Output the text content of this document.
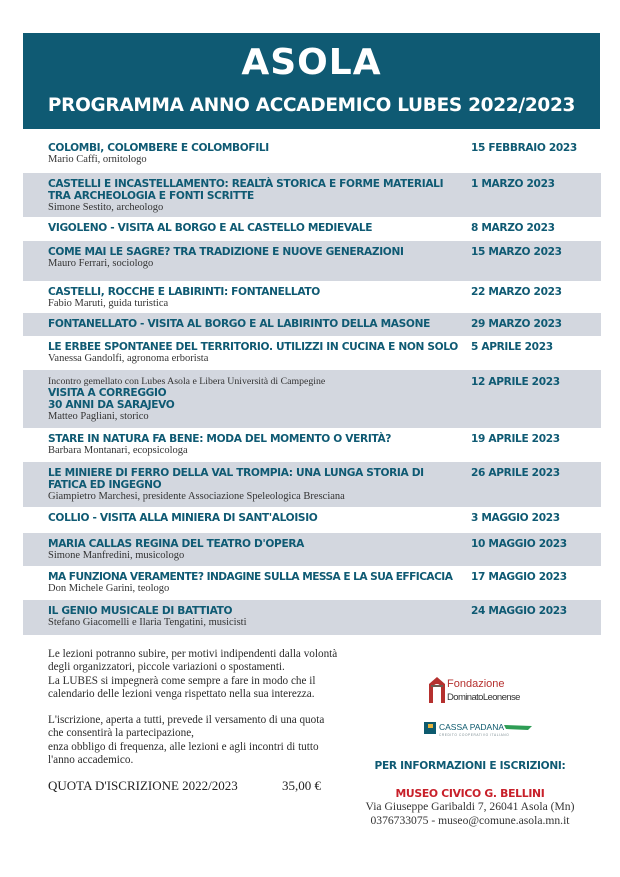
ASOLA
PROGRAMMA ANNO ACCADEMICO LUBES 2022/2023
COLOMBI, COLOMBERE E COLOMBOFILI
Mario Caffi, ornitologo
15 FEBBRAIO 2023
CASTELLI E INCASTELLAMENTO: REALTÀ STORICA E FORME MATERIALI TRA ARCHEOLOGIA E FONTI SCRITTE
Simone Sestito, archeologo
1 MARZO 2023
VIGOLENO - VISITA AL BORGO E AL CASTELLO MEDIEVALE	8 MARZO 2023
COME MAI LE SAGRE? TRA TRADIZIONE E NUOVE GENERAZIONI
Mauro Ferrari, sociologo
15 MARZO 2023
CASTELLI, ROCCHE E LABIRINTI: FONTANELLATO
Fabio Maruti, guida turistica
22 MARZO 2023
FONTANELLATO - VISITA AL BORGO E AL LABIRINTO DELLA MASONE	29 MARZO 2023
LE ERBEE SPONTANEE DEL TERRITORIO. UTILIZZI IN CUCINA E NON SOLO
Vanessa Gandolfi, agronoma erborista
5 APRILE 2023
Incontro gemellato con Lubes Asola e Libera Università di Campegine
VISITA A CORREGGIO
30 ANNI DA SARAJEVO
Matteo Pagliani, storico
12 APRILE 2023
STARE IN NATURA FA BENE: MODA DEL MOMENTO O VERITÀ?
Barbara Montanari, ecopsicologa
19 APRILE 2023
LE MINIERE DI FERRO DELLA VAL TROMPIA: UNA LUNGA STORIA DI FATICA ED INGEGNO
Giampietro Marchesi, presidente Associazione Speleologica Bresciana
26 APRILE 2023
COLLIO - VISITA ALLA MINIERA DI SANT'ALOISIO	3 MAGGIO 2023
MARIA CALLAS REGINA DEL TEATRO D'OPERA
Simone Manfredini, musicologo
10 MAGGIO 2023
MA FUNZIONA VERAMENTE? INDAGINE SULLA MESSA E LA SUA EFFICACIA
Don Michele Garini, teologo
17 MAGGIO 2023
IL GENIO MUSICALE DI BATTIATO
Stefano Giacomelli e Ilaria Tengatini, musicisti
24 MAGGIO 2023

Le lezioni potranno subire, per motivi indipendenti dalla volontà

degli organizzatori, piccole variazioni o spostamenti.

La LUBES si impegnerà come sempre a fare in modo che il

calendario delle lezioni venga rispettato nella sua interezza.

L'iscrizione, aperta a tutti, prevede il versamento di una quota

che consentirà la partecipazione,

enza obbligo di frequenza, alle lezioni e agli incontri di tutto

l'anno accademico.

QUOTA D'ISCRIZIONE 2022/2023	35,00 €
Fondazione
DominatoLeonense
CASSA PADANA
CREDITO COOPERATIVO ITALIANO
PER INFORMAZIONI E ISCRIZIONI:
MUSEO CIVICO G. BELLINI
Via Giuseppe Garibaldi 7, 26041 Asola (Mn)
0376733075 - museo@comune.asola.mn.it
